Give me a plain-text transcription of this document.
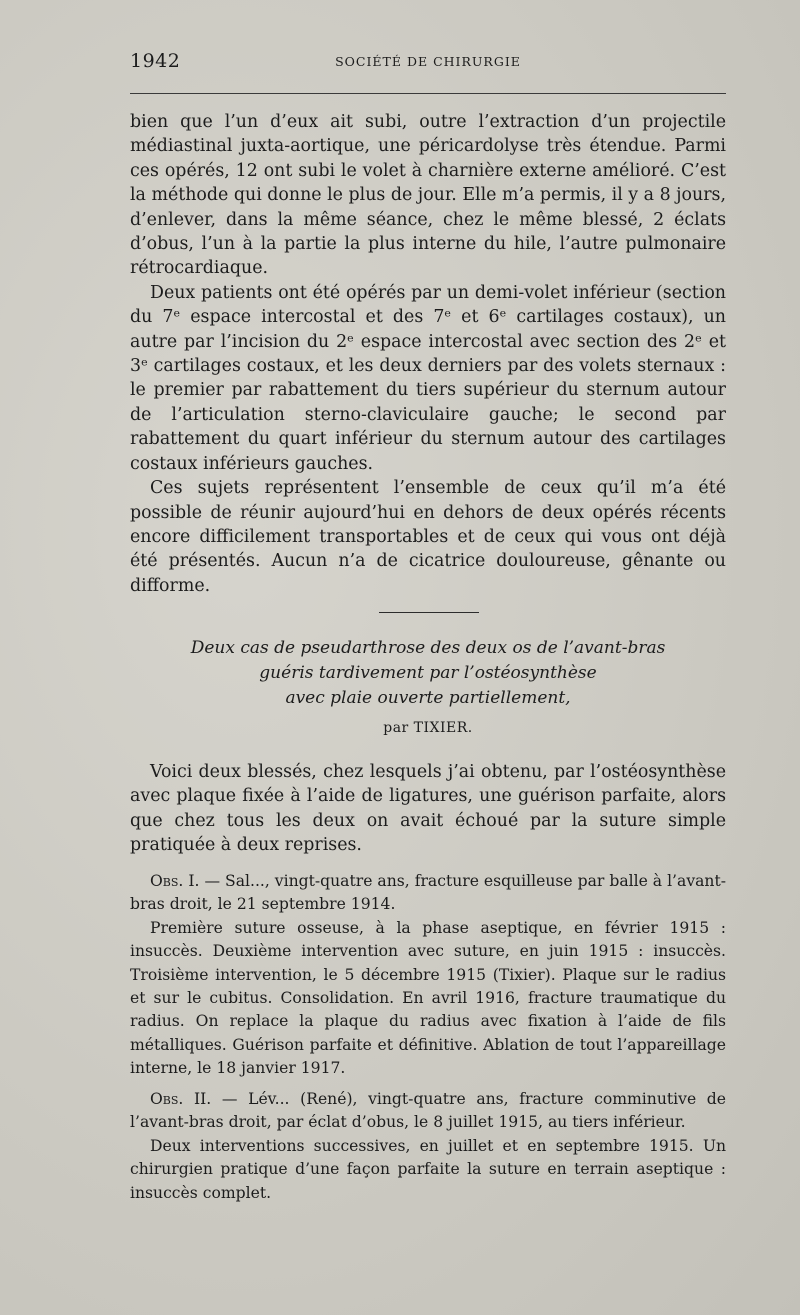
1942	SOCIÉTÉ DE CHIRURGIE

bien que l’un d’eux ait subi, outre l’extraction d’un projectile médiastinal juxta-aortique, une péricardolyse très étendue. Parmi ces opérés, 12 ont subi le volet à charnière externe amélioré. C’est la méthode qui donne le plus de jour. Elle m’a permis, il y a 8 jours, d’enlever, dans la même séance, chez le même blessé, 2 éclats d’obus, l’un à la partie la plus interne du hile, l’autre pulmonaire rétrocardiaque.

Deux patients ont été opérés par un demi-volet inférieur (section du 7ᵉ espace intercostal et des 7ᵉ et 6ᵉ cartilages costaux), un autre par l’incision du 2ᵉ espace intercostal avec section des 2ᵉ et 3ᵉ cartilages costaux, et les deux derniers par des volets sternaux : le premier par rabattement du tiers supérieur du sternum autour de l’articulation sterno-claviculaire gauche; le second par rabattement du quart inférieur du sternum autour des cartilages costaux inférieurs gauches.

Ces sujets représentent l’ensemble de ceux qu’il m’a été possible de réunir aujourd’hui en dehors de deux opérés récents encore difficilement transportables et de ceux qui vous ont déjà été présentés. Aucun n’a de cicatrice douloureuse, gênante ou difforme.

Deux cas de pseudarthrose des deux os de l’avant-bras
guéris tardivement par l’ostéosynthèse
avec plaie ouverte partiellement,
par TIXIER.

Voici deux blessés, chez lesquels j’ai obtenu, par l’ostéosynthèse avec plaque fixée à l’aide de ligatures, une guérison parfaite, alors que chez tous les deux on avait échoué par la suture simple pratiquée à deux reprises.

Obs. I. — Sal..., vingt-quatre ans, fracture esquilleuse par balle à l’avant-bras droit, le 21 septembre 1914.

Première suture osseuse, à la phase aseptique, en février 1915 : insuccès. Deuxième intervention avec suture, en juin 1915 : insuccès. Troisième intervention, le 5 décembre 1915 (Tixier). Plaque sur le radius et sur le cubitus. Consolidation. En avril 1916, fracture traumatique du radius. On replace la plaque du radius avec fixation à l’aide de fils métalliques. Guérison parfaite et définitive. Ablation de tout l’appareillage interne, le 18 janvier 1917.

Obs. II. — Lév... (René), vingt-quatre ans, fracture comminutive de l’avant-bras droit, par éclat d’obus, le 8 juillet 1915, au tiers inférieur.

Deux interventions successives, en juillet et en septembre 1915. Un chirurgien pratique d’une façon parfaite la suture en terrain aseptique : insuccès complet.
